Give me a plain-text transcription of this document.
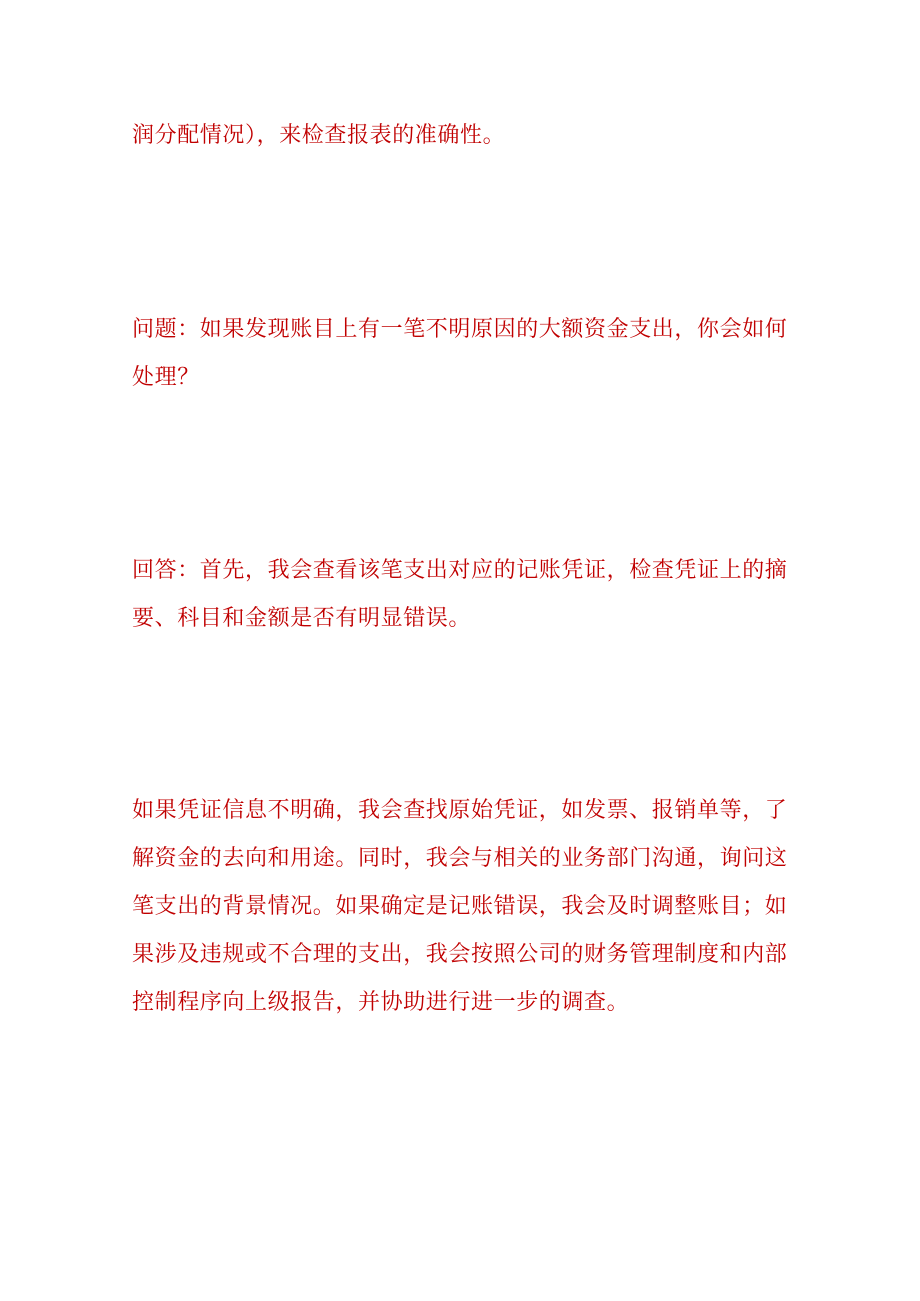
润分配情况），来检查报表的准确性。

问题：如果发现账目上有一笔不明原因的大额资金支出，你会如何处理？

回答：首先，我会查看该笔支出对应的记账凭证，检查凭证上的摘要、科目和金额是否有明显错误。

如果凭证信息不明确，我会查找原始凭证，如发票、报销单等，了解资金的去向和用途。同时，我会与相关的业务部门沟通，询问这笔支出的背景情况。如果确定是记账错误，我会及时调整账目；如果涉及违规或不合理的支出，我会按照公司的财务管理制度和内部控制程序向上级报告，并协助进行进一步的调查。
